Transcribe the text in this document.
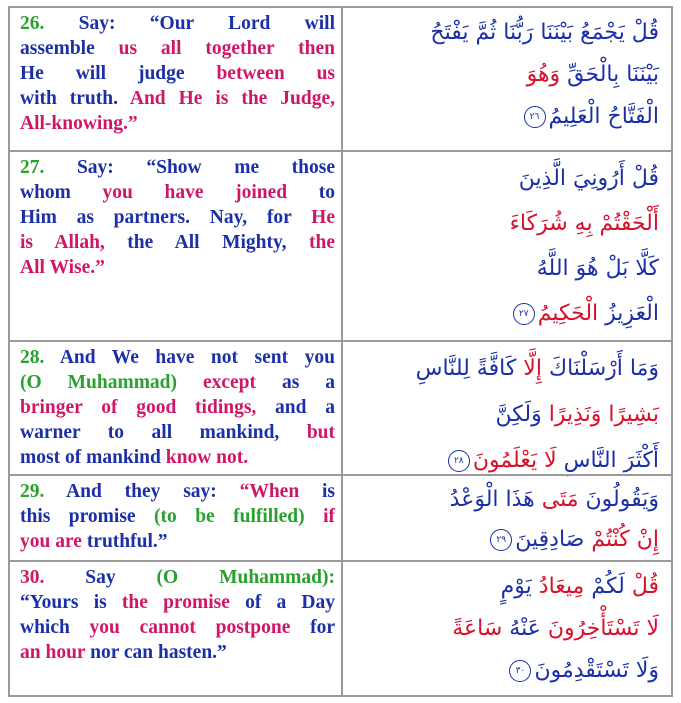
26. Say: “Our Lord will
assemble us all together then
He will judge between us
with truth. And He is the Judge,
All-knowing.”
قُلْ يَجْمَعُ بَيْنَنَا رَبُّنَا ثُمَّ يَفْتَحُ
بَيْنَنَا بِالْحَقِّ وَهُوَ
الْفَتَّاحُ الْعَلِيمُ٢٦
27. Say: “Show me those
whom you have joined to
Him as partners. Nay, for He
is Allah, the All Mighty, the
All Wise.”
قُلْ أَرُونِيَ الَّذِينَ
أَلْحَقْتُمْ بِهِ شُرَكَاءَ
كَلَّا بَلْ هُوَ اللَّهُ
الْعَزِيزُ الْحَكِيمُ٢٧
28. And We have not sent you
(O Muhammad) except as a
bringer of good tidings, and a
warner to all mankind, but
most of mankind know not.
وَمَا أَرْسَلْنَاكَ إِلَّا كَافَّةً لِلنَّاسِ
بَشِيرًا وَنَذِيرًا وَلَكِنَّ
أَكْثَرَ النَّاسِ لَا يَعْلَمُونَ٢٨
29. And they say: “When is
this promise (to be fulfilled) if
you are truthful.”
وَيَقُولُونَ مَتَى هَذَا الْوَعْدُ
إِنْ كُنْتُمْ صَادِقِينَ٢٩
30. Say (O Muhammad):
“Yours is the promise of a Day
which you cannot postpone for
an hour nor can hasten.”
قُلْ لَكُمْ مِيعَادُ يَوْمٍ
لَا تَسْتَأْخِرُونَ عَنْهُ سَاعَةً
وَلَا تَسْتَقْدِمُونَ٣٠
